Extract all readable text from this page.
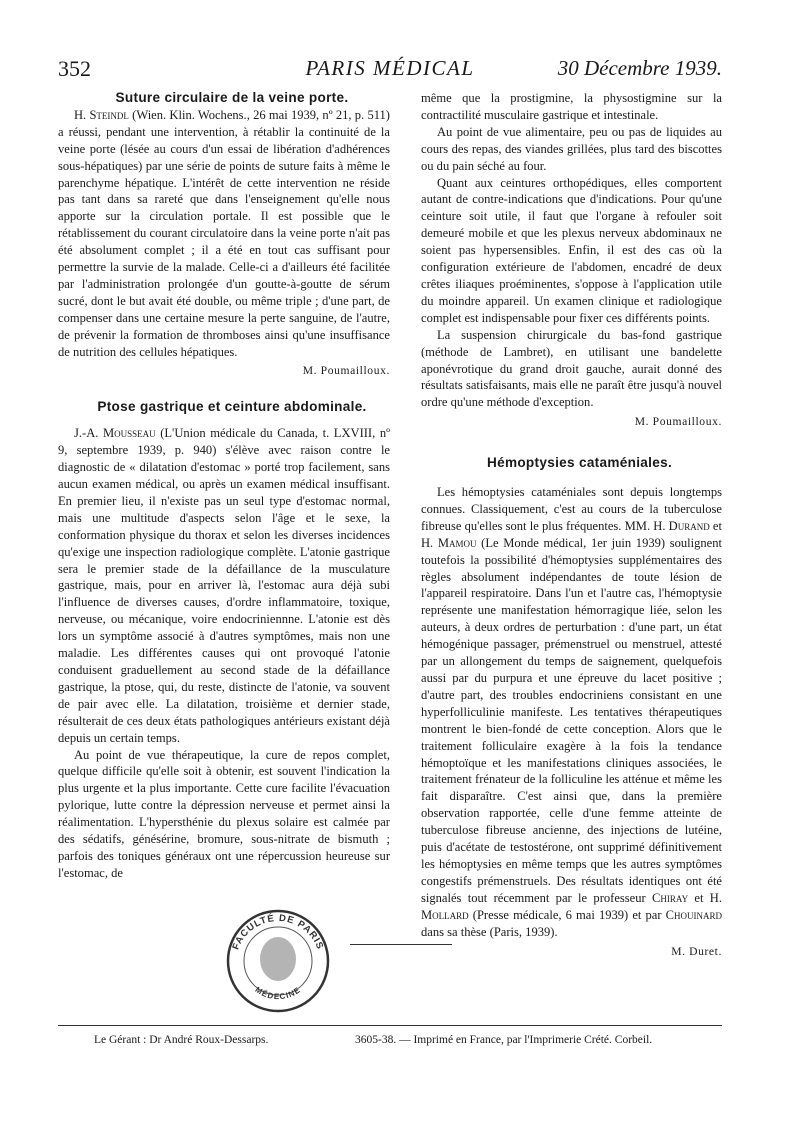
352	PARIS MÉDICAL	30 Décembre 1939.

Suture circulaire de la veine porte.

H. Steindl (Wien. Klin. Wochens., 26 mai 1939, nº 21, p. 511) a réussi, pendant une intervention, à rétablir la continuité de la veine porte (lésée au cours d'un essai de libération d'adhérences sous-hépatiques) par une série de points de suture faits à même le parenchyme hépatique. L'intérêt de cette intervention ne réside pas tant dans sa rareté que dans l'enseignement qu'elle nous apporte sur la circulation portale. Il est possible que le rétablissement du courant circulatoire dans la veine porte n'ait pas été absolument complet ; il a été en tout cas suffisant pour permettre la survie de la malade. Celle-ci a d'ailleurs été facilitée par l'administration prolongée d'un goutte-à-goutte de sérum sucré, dont le but avait été double, ou même triple ; d'une part, de compenser dans une certaine mesure la perte sanguine, de l'autre, de prévenir la formation de thromboses ainsi qu'une insuffisance de nutrition des cellules hépatiques.

M. Poumailloux.

Ptose gastrique et ceinture abdominale.

J.-A. Mousseau (L'Union médicale du Canada, t. LXVIII, nº 9, septembre 1939, p. 940) s'élève avec raison contre le diagnostic de « dilatation d'estomac » porté trop facilement, sans aucun examen médical, ou après un examen médical insuffisant. En premier lieu, il n'existe pas un seul type d'estomac normal, mais une multitude d'aspects selon l'âge et le sexe, la conformation physique du thorax et selon les diverses incidences qu'exige une inspection radiologique complète. L'atonie gastrique sera le premier stade de la défaillance de la musculature gastrique, mais, pour en arriver là, l'estomac aura déjà subi l'influence de diverses causes, d'ordre inflammatoire, toxique, nerveuse, ou mécanique, voire endocriniennne. L'atonie est dès lors un symptôme associé à d'autres symptômes, mais non une maladie. Les différentes causes qui ont provoqué l'atonie conduisent graduellement au second stade de la défaillance gastrique, la ptose, qui, du reste, distincte de l'atonie, va souvent de pair avec elle. La dilatation, troisième et dernier stade, résulterait de ces deux états pathologiques antérieurs existant déjà depuis un certain temps.

Au point de vue thérapeutique, la cure de repos complet, quelque difficile qu'elle soit à obtenir, est souvent l'indication la plus urgente et la plus importante. Cette cure facilite l'évacuation pylorique, lutte contre la dépression nerveuse et permet ainsi la réalimentation. L'hypersthénie du plexus solaire est calmée par des sédatifs, génésérine, bromure, sous-nitrate de bismuth ; parfois des toniques généraux ont une répercussion heureuse sur l'estomac, de

même que la prostigmine, la physostigmine sur la contractilité musculaire gastrique et intestinale.

Au point de vue alimentaire, peu ou pas de liquides au cours des repas, des viandes grillées, plus tard des biscottes ou du pain séché au four.

Quant aux ceintures orthopédiques, elles comportent autant de contre-indications que d'indications. Pour qu'une ceinture soit utile, il faut que l'organe à refouler soit demeuré mobile et que les plexus nerveux abdominaux ne soient pas hypersensibles. Enfin, il est des cas où la configuration extérieure de l'abdomen, encadré de deux crêtes iliaques proéminentes, s'oppose à l'application utile du moindre appareil. Un examen clinique et radiologique complet est indispensable pour fixer ces différents points.

La suspension chirurgicale du bas-fond gastrique (méthode de Lambret), en utilisant une bandelette aponévrotique du grand droit gauche, aurait donné des résultats satisfaisants, mais elle ne paraît être jusqu'à nouvel ordre qu'une méthode d'exception.

M. Poumailloux.

Hémoptysies cataméniales.

Les hémoptysies cataméniales sont depuis longtemps connues. Classiquement, c'est au cours de la tuberculose fibreuse qu'elles sont le plus fréquentes. MM. H. Durand et H. Mamou (Le Monde médical, 1er juin 1939) soulignent toutefois la possibilité d'hémoptysies supplémentaires des règles absolument indépendantes de toute lésion de l'appareil respiratoire. Dans l'un et l'autre cas, l'hémoptysie représente une manifestation hémorragique liée, selon les auteurs, à deux ordres de perturbation : d'une part, un état hémogénique passager, prémenstruel ou menstruel, attesté par un allongement du temps de saignement, quelquefois aussi par du purpura et une épreuve du lacet positive ; d'autre part, des troubles endocriniens consistant en une hyperfolliculinie manifeste. Les tentatives thérapeutiques montrent le bien-fondé de cette conception. Alors que le traitement folliculaire exagère à la fois la tendance hémoptoïque et les manifestations cliniques associées, le traitement frénateur de la folliculine les atténue et même les fait disparaître. C'est ainsi que, dans la première observation rapportée, celle d'une femme atteinte de tuberculose fibreuse ancienne, des injections de lutéine, puis d'acétate de testostérone, ont supprimé définitivement les hémoptysies en même temps que les autres symptômes congestifs prémenstruels. Des résultats identiques ont été signalés tout récemment par le professeur Chiray et H. Mollard (Presse médicale, 6 mai 1939) et par Chouinard dans sa thèse (Paris, 1939).

M. Duret.

FACULTÉ DE PARIS
MÉDECINE
Le Gérant : Dr André Roux-Dessarps.	3605-38. — Imprimé en France, par l'Imprimerie Crété. Corbeil.
